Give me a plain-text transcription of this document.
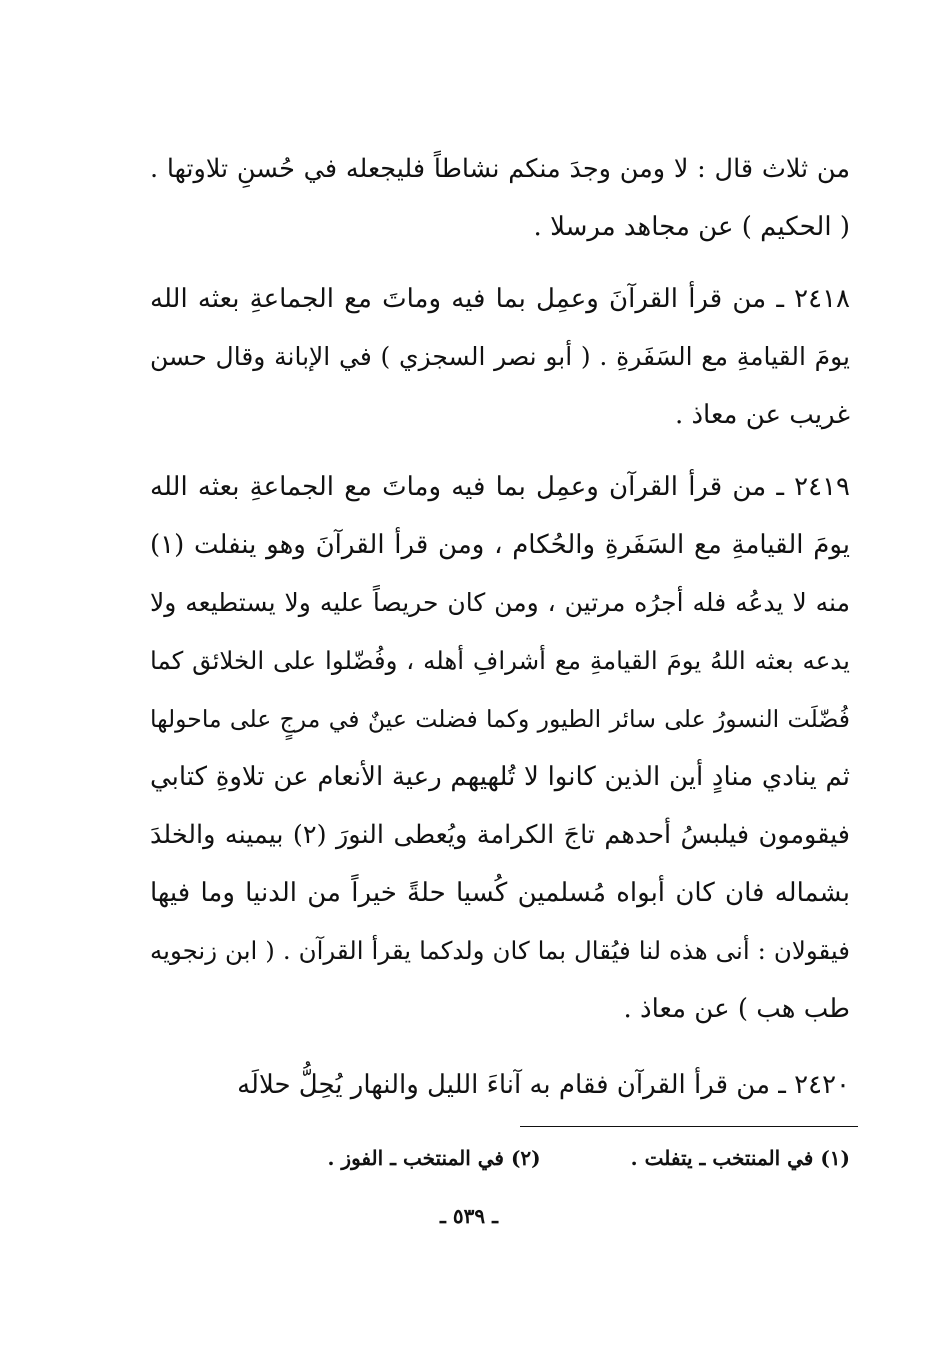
من ثلاث قال : لا ومن وجدَ منكم نشاطاً فليجعله في حُسنِ تلاوتها .
( الحكيم ) عن مجاهد مرسلا .
٢٤١٨ ـ من قرأ القرآنَ وعمِل بما فيه وماتَ مع الجماعةِ بعثه الله
يومَ القيامةِ مع السَفَرةِ . ( أبو نصر السجزي ) في الإبانة وقال حسن
غريب عن معاذ .
٢٤١٩ ـ من قرأ القرآن وعمِل بما فيه وماتَ مع الجماعةِ بعثه الله
يومَ القيامةِ مع السَفَرةِ والحُكام ، ومن قرأ القرآنَ وهو ينفلت (١)
منه لا يدعُه فله أجرُه مرتين ، ومن كان حريصاً عليه ولا يستطيعه ولا
يدعه بعثه اللهُ يومَ القيامةِ مع أشرافِ أهله ، وفُضّلوا على الخلائق كما
فُضّلَت النسورُ على سائر الطيور وكما فضلت عينٌ في مرجٍ على ماحولها
ثم ينادي منادٍ أين الذين كانوا لا تُلهيهم رعية الأنعام عن تلاوةِ كتابي
فيقومون فيلبسُ أحدهم تاجَ الكرامة ويُعطى النورَ (٢) بيمينه والخلدَ
بشماله فان كان أبواه مُسلمين كُسيا حلةً خيراً من الدنيا وما فيها
فيقولان : أنى هذه لنا فيُقال بما كان ولدكما يقرأ القرآن . ( ابن زنجويه
طب هب ) عن معاذ .
٢٤٢٠ ـ من قرأ القرآن فقام به آناءَ الليل والنهار يُحِلُّ حلالَه
(١) في المنتخب ـ يتفلت .
(٢) في المنتخب ـ الفوز .
ـ ٥٣٩ ـ
